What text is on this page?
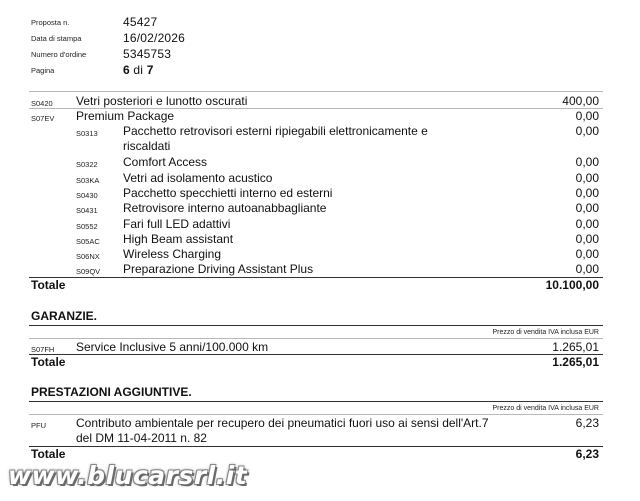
Proposta n.	45427
Data di stampa	16/02/2026
Numero d'ordine	5345753
Pagina	6 di 7
S0420 Vetri posteriori e lunotto oscurati	400,00
S07EV Premium Package	0,00
S0313 Pacchetto retrovisori esterni ripiegabili elettronicamente e riscaldati
0,00
S0322 Comfort Access	0,00
S03KA Vetri ad isolamento acustico	0,00
S0430 Pacchetto specchietti interno ed esterni	0,00
S0431 Retrovisore interno autoanabbagliante	0,00
S0552 Fari full LED adattivi	0,00
S05AC High Beam assistant	0,00
S06NX Wireless Charging	0,00
S09QV Preparazione Driving Assistant Plus	0,00
Totale	10.100,00
GARANZIE.
Prezzo di vendita IVA inclusa EUR
S07FH Service Inclusive 5 anni/100.000 km	1.265,01
Totale	1.265,01
PRESTAZIONI AGGIUNTIVE.
Prezzo di vendita IVA inclusa EUR
PFU	Contributo ambientale per recupero dei pneumatici fuori uso ai sensi dell'Art.7
del DM 11-04-2011 n. 82
6,23
Totale	6,23
www.blucarsrl.it
